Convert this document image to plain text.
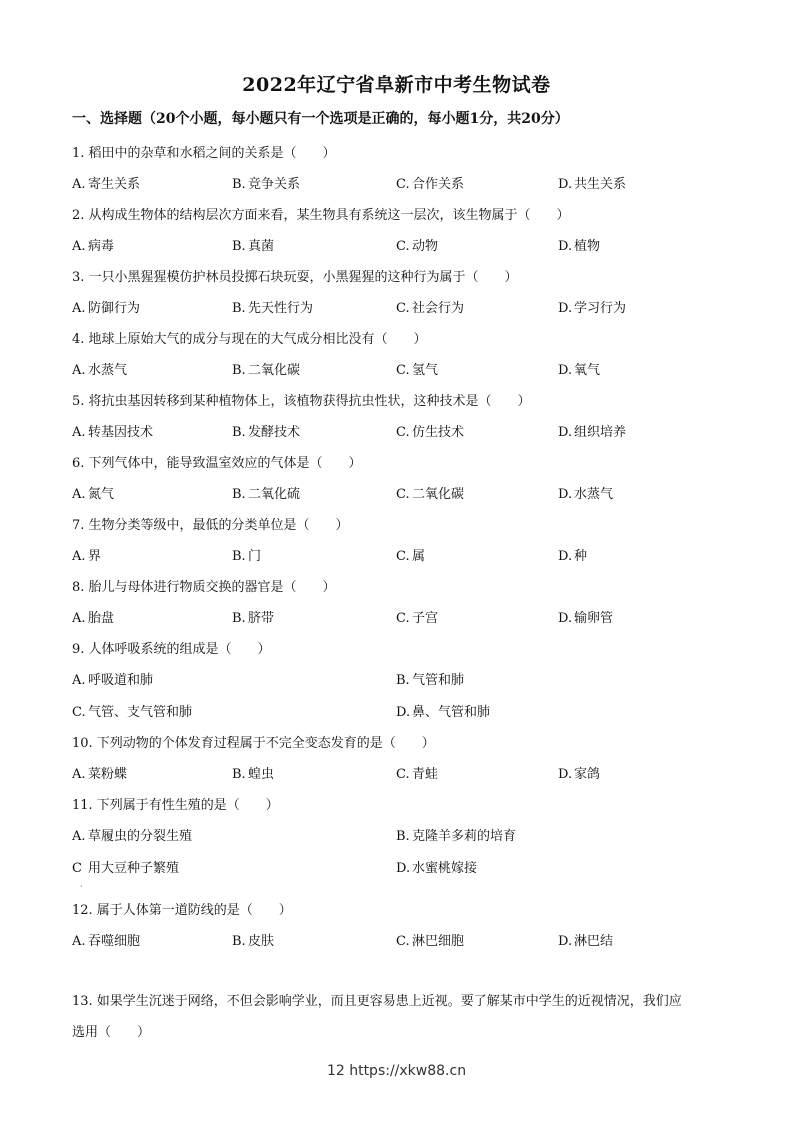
2022年辽宁省阜新市中考生物试卷
一、选择题（20个小题，每小题只有一个选项是正确的，每小题1分，共20分）
1. 稻田中的杂草和水稻之间的关系是（　　）
A. 寄生关系	B. 竞争关系	C. 合作关系	D. 共生关系
2. 从构成生物体的结构层次方面来看，某生物具有系统这一层次，该生物属于（　　）
A. 病毒	B. 真菌	C. 动物	D. 植物
3. 一只小黑猩猩模仿护林员投掷石块玩耍，小黑猩猩的这种行为属于（　　）
A. 防御行为	B. 先天性行为	C. 社会行为	D. 学习行为
4. 地球上原始大气的成分与现在的大气成分相比没有（　　）
A. 水蒸气	B. 二氧化碳	C. 氢气	D. 氧气
5. 将抗虫基因转移到某种植物体上，该植物获得抗虫性状，这种技术是（　　）
A. 转基因技术	B. 发酵技术	C. 仿生技术	D. 组织培养
6. 下列气体中，能导致温室效应的气体是（　　）
A. 氮气	B. 二氧化硫	C. 二氧化碳	D. 水蒸气
7. 生物分类等级中，最低的分类单位是（　　）
A. 界	B. 门	C. 属	D. 种
8. 胎儿与母体进行物质交换的器官是（　　）
A. 胎盘	B. 脐带	C. 子宫	D. 输卵管
9. 人体呼吸系统的组成是（　　）
A. 呼吸道和肺	B. 气管和肺
C. 气管、支气管和肺	D. 鼻、气管和肺
10. 下列动物的个体发育过程属于不完全变态发育的是（　　）
A. 菜粉蝶	B. 蝗虫	C. 青蛙	D. 家鸽
11. 下列属于有性生殖的是（　　）
A. 草履虫的分裂生殖	B. 克隆羊多莉的培育
C 用大豆种子繁殖	D. 水蜜桃嫁接
12. 属于人体第一道防线的是（　　）
A. 吞噬细胞	B. 皮肤	C. 淋巴细胞	D. 淋巴结
·
13. 如果学生沉迷于网络，不但会影响学业，而且更容易患上近视。要了解某市中学生的近视情况，我们应
选用（　　）
12 https://xkw88.cn
